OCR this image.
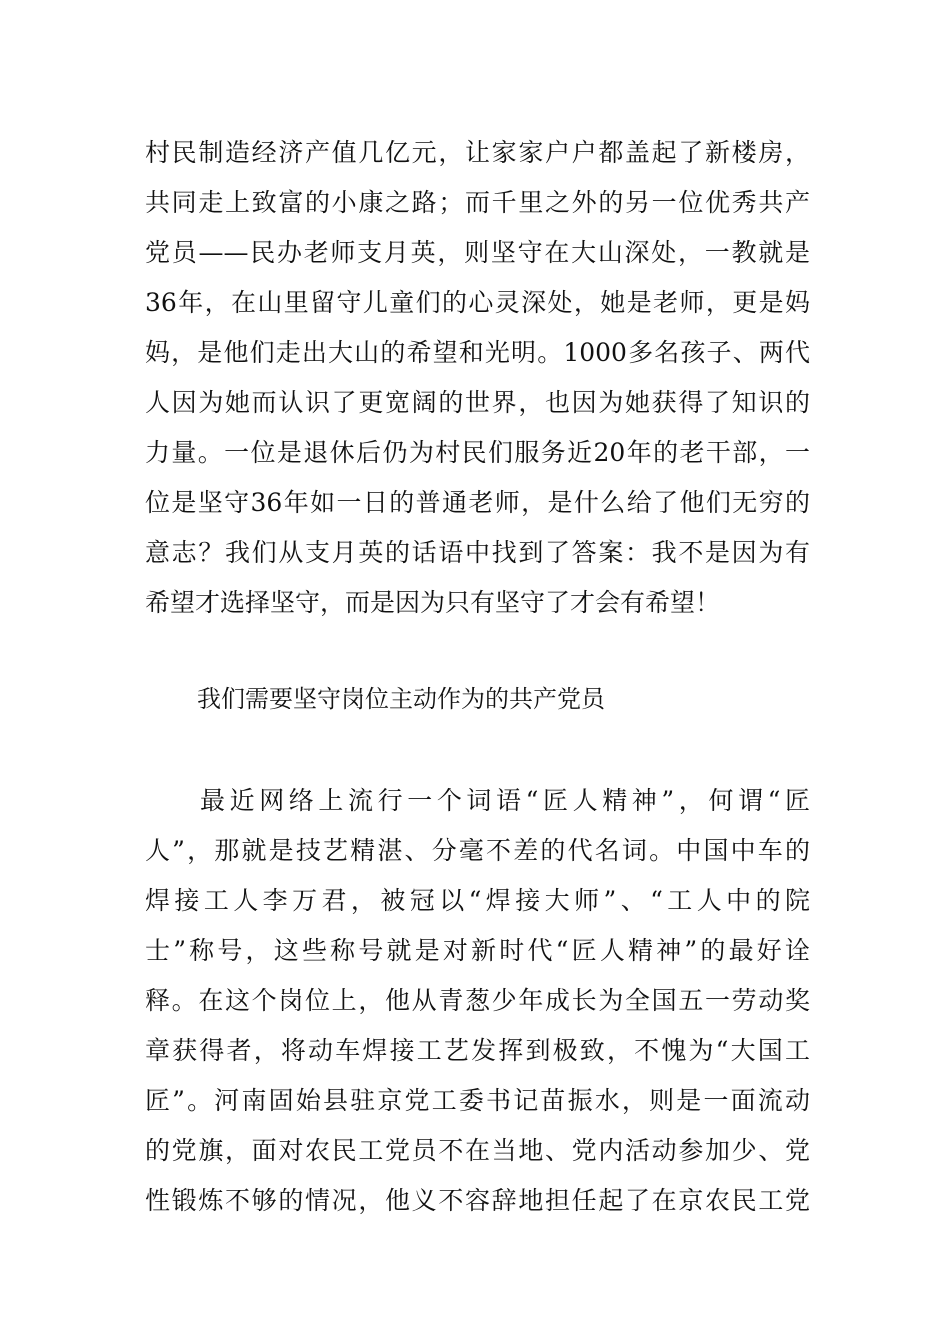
村民制造经济产值几亿元，让家家户户都盖起了新楼房，
共同走上致富的小康之路；而千里之外的另一位优秀共产
党员——民办老师支月英，则坚守在大山深处，一教就是
36年，在山里留守儿童们的心灵深处，她是老师，更是妈
妈，是他们走出大山的希望和光明。1000多名孩子、两代
人因为她而认识了更宽阔的世界，也因为她获得了知识的
力量。一位是退休后仍为村民们服务近20年的老干部，一
位是坚守36年如一日的普通老师，是什么给了他们无穷的
意志？我们从支月英的话语中找到了答案：我不是因为有
希望才选择坚守，而是因为只有坚守了才会有希望！
我们需要坚守岗位主动作为的共产党员
最近网络上流行一个词语“匠人精神”，何谓“匠
人”，那就是技艺精湛、分毫不差的代名词。中国中车的
焊接工人李万君，被冠以“焊接大师”、“工人中的院
士”称号，这些称号就是对新时代“匠人精神”的最好诠
释。在这个岗位上，他从青葱少年成长为全国五一劳动奖
章获得者，将动车焊接工艺发挥到极致，不愧为“大国工
匠”。河南固始县驻京党工委书记苗振水，则是一面流动
的党旗，面对农民工党员不在当地、党内活动参加少、党
性锻炼不够的情况，他义不容辞地担任起了在京农民工党
